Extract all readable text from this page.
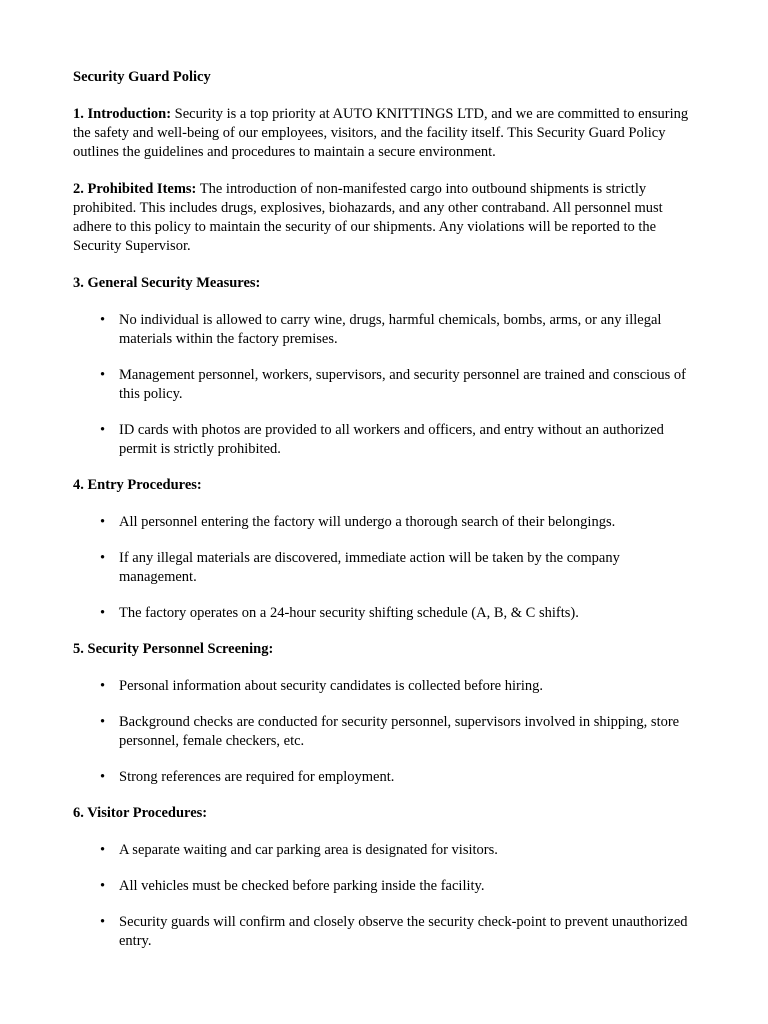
Security Guard Policy

1. Introduction: Security is a top priority at AUTO KNITTINGS LTD, and we are committed to ensuring the safety and well-being of our employees, visitors, and the facility itself. This Security Guard Policy outlines the guidelines and procedures to maintain a secure environment.

2. Prohibited Items: The introduction of non-manifested cargo into outbound shipments is strictly prohibited. This includes drugs, explosives, biohazards, and any other contraband. All personnel must adhere to this policy to maintain the security of our shipments. Any violations will be reported to the Security Supervisor.

3. General Security Measures:
• No individual is allowed to carry wine, drugs, harmful chemicals, bombs, arms, or any illegal materials within the factory premises.
• Management personnel, workers, supervisors, and security personnel are trained and conscious of this policy.
• ID cards with photos are provided to all workers and officers, and entry without an authorized permit is strictly prohibited.
4. Entry Procedures:
• All personnel entering the factory will undergo a thorough search of their belongings.
• If any illegal materials are discovered, immediate action will be taken by the company management.
• The factory operates on a 24-hour security shifting schedule (A, B, & C shifts).
5. Security Personnel Screening:
• Personal information about security candidates is collected before hiring.
• Background checks are conducted for security personnel, supervisors involved in shipping, store personnel, female checkers, etc.
• Strong references are required for employment.
6. Visitor Procedures:
• A separate waiting and car parking area is designated for visitors.
• All vehicles must be checked before parking inside the facility.
• Security guards will confirm and closely observe the security check-point to prevent unauthorized entry.
